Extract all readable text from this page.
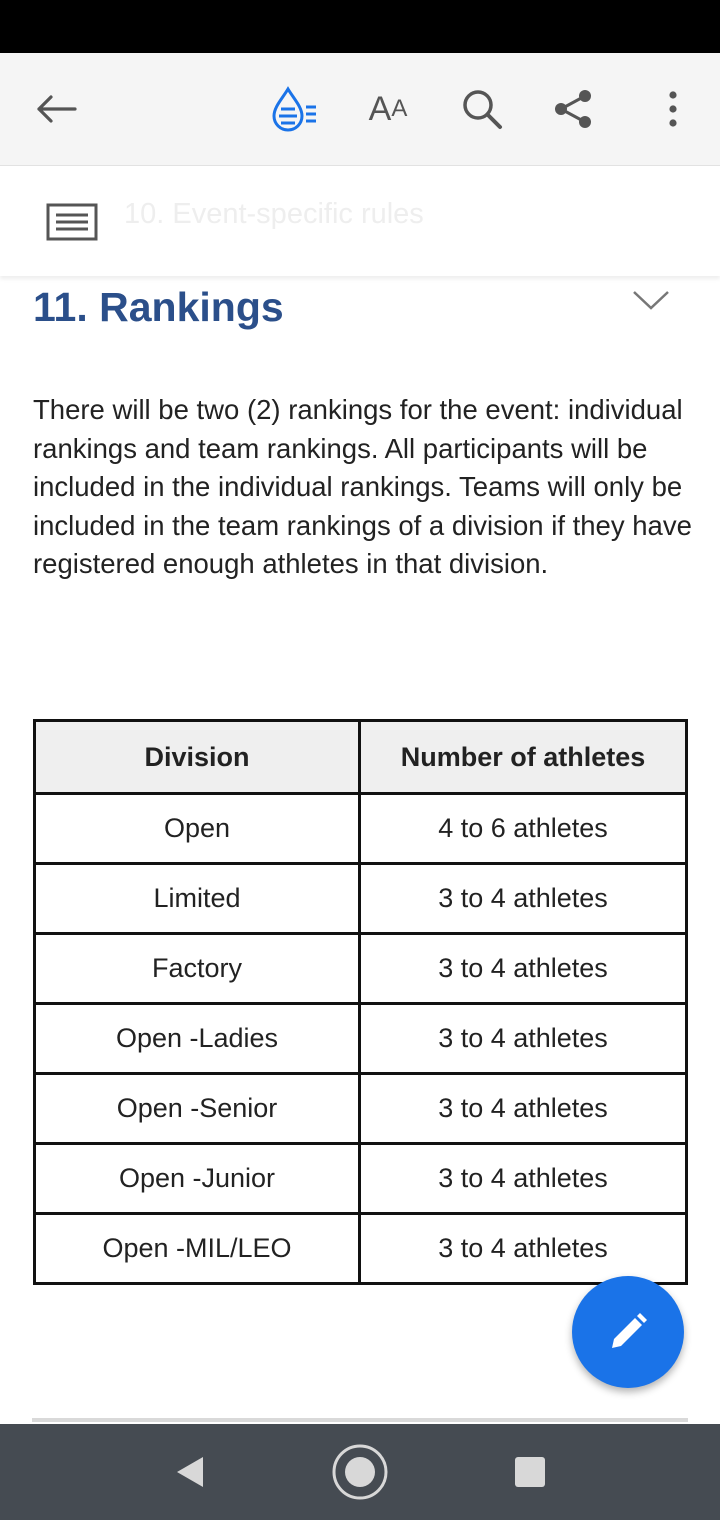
A A
10. Event-specific rules
11. Rankings

There will be two (2) rankings for the event: individual rankings and team rankings. All participants will be included in the individual rankings. Teams will only be included in the team rankings of a division if they have registered enough athletes in that division.

Division	Number of athletes
Open	4 to 6 athletes
Limited	3 to 4 athletes
Factory	3 to 4 athletes
Open -Ladies	3 to 4 athletes
Open -Senior	3 to 4 athletes
Open -Junior	3 to 4 athletes
Open -MIL/LEO	3 to 4 athletes
